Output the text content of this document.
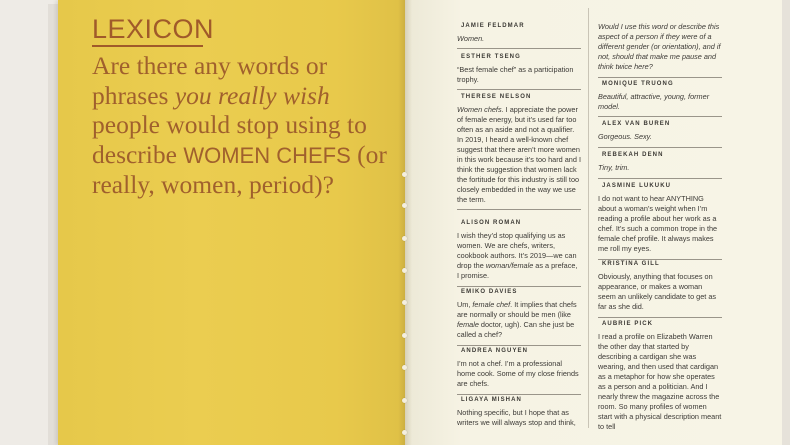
LEXICON

Are there any words or phrases you really wish people would stop using to describe WOMEN CHEFS (or really, women, period)?

JAMIE FELDMAR

Women.

ESTHER TSENG

“Best female chef” as a participation trophy.

THERESE NELSON

Women chefs. I appreciate the power of female energy, but it’s used far too often as an aside and not a qualifier. In 2019, I heard a well-known chef suggest that there aren’t more women in this work because it’s too hard and I think the suggestion that women lack the fortitude for this industry is still too closely embedded in the way we use the term.

ALISON ROMAN

I wish they’d stop qualifying us as women. We are chefs, writers, cookbook authors. It’s 2019—we can drop the woman/female as a preface, I promise.

EMIKO DAVIES

Um, female chef. It implies that chefs are normally or should be men (like female doctor, ugh). Can she just be called a chef?

ANDREA NGUYEN

I’m not a chef. I’m a professional home cook. Some of my close friends are chefs.

LIGAYA MISHAN

Nothing specific, but I hope that as writers we will always stop and think,

Would I use this word or describe this aspect of a person if they were of a different gender (or orientation), and if not, should that make me pause and think twice here?

MONIQUE TRUONG

Beautiful, attractive, young, former model.

ALEX VAN BUREN

Gorgeous. Sexy.

REBEKAH DENN

Tiny, trim.

JASMINE LUKUKU

I do not want to hear ANYTHING about a woman’s weight when I’m reading a profile about her work as a chef. It’s such a common trope in the female chef profile. It always makes me roll my eyes.

KRISTINA GILL

Obviously, anything that focuses on appearance, or makes a woman seem an unlikely candidate to get as far as she did.

AUBRIE PICK

I read a profile on Elizabeth Warren the other day that started by describing a cardigan she was wearing, and then used that cardigan as a metaphor for how she operates as a person and a politician. And I nearly threw the magazine across the room. So many profiles of women start with a physical description meant to tell
